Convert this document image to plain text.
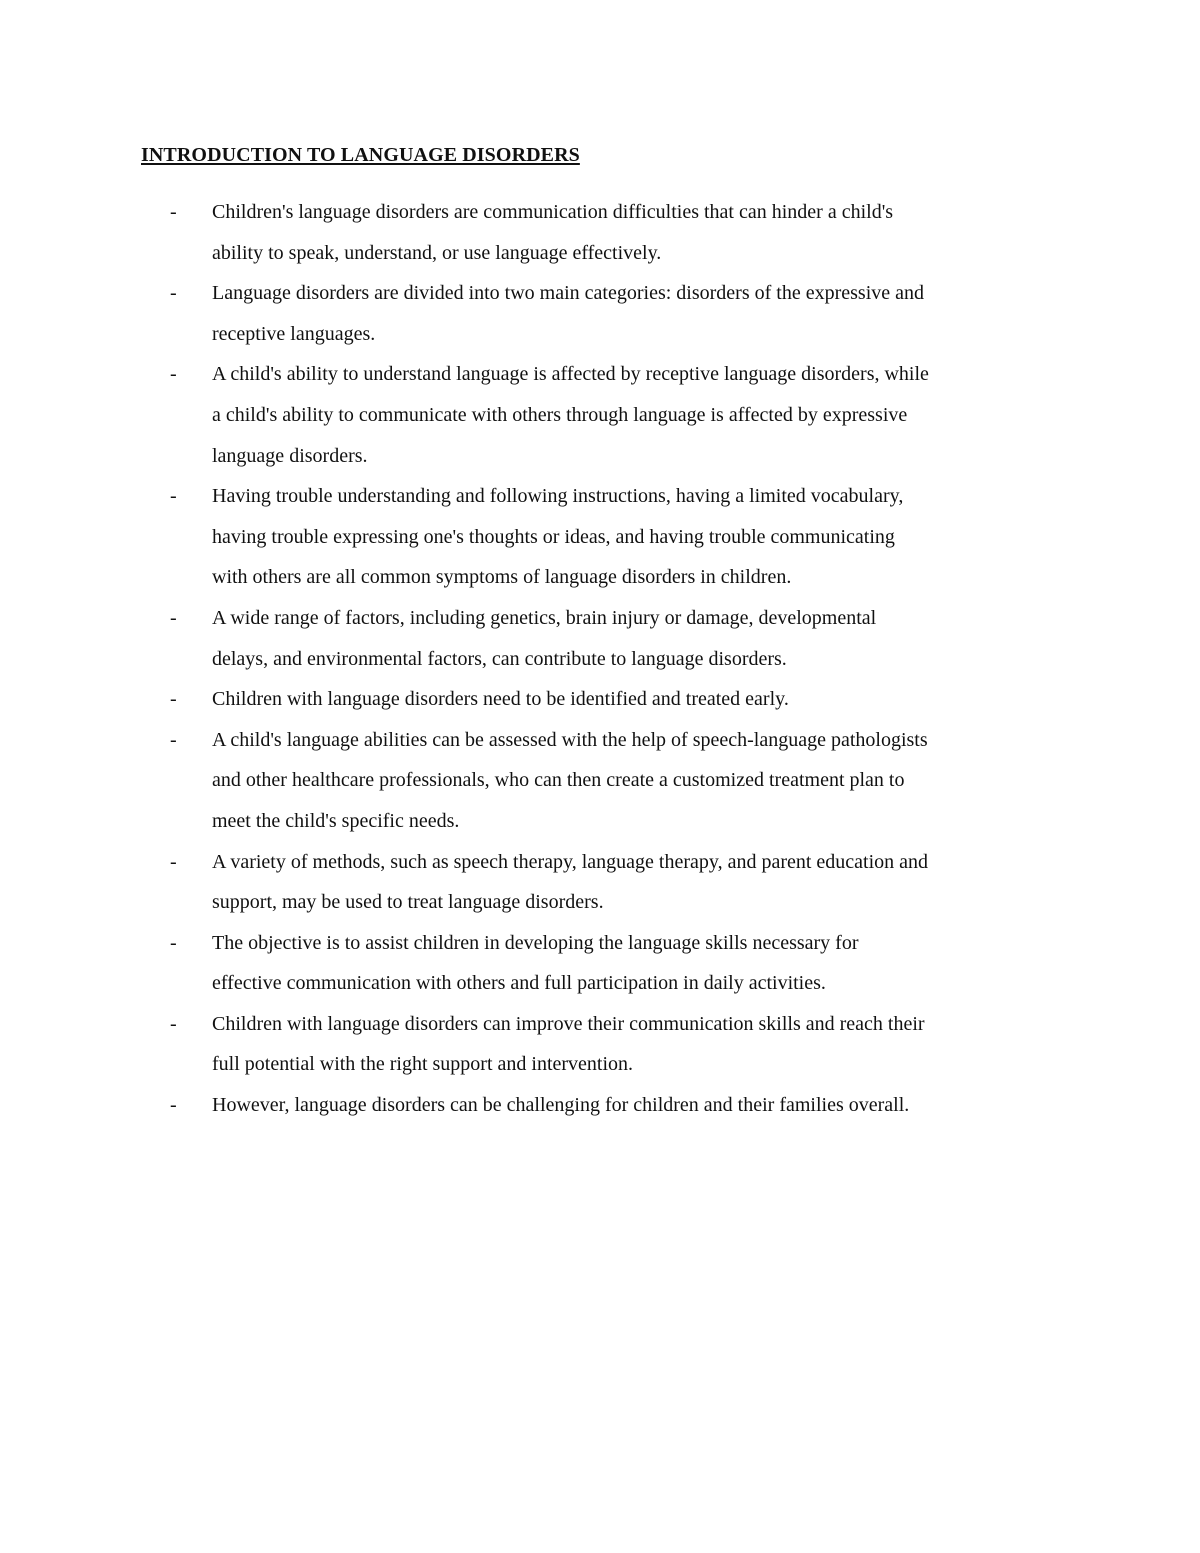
INTRODUCTION TO LANGUAGE DISORDERS
-	Children's language disorders are communication difficulties that can hinder a child's
ability to speak, understand, or use language effectively.
-	Language disorders are divided into two main categories: disorders of the expressive and
receptive languages.
-	A child's ability to understand language is affected by receptive language disorders, while
a child's ability to communicate with others through language is affected by expressive
language disorders.
-	Having trouble understanding and following instructions, having a limited vocabulary,
having trouble expressing one's thoughts or ideas, and having trouble communicating
with others are all common symptoms of language disorders in children.
-	A wide range of factors, including genetics, brain injury or damage, developmental
delays, and environmental factors, can contribute to language disorders.
-	Children with language disorders need to be identified and treated early.
-	A child's language abilities can be assessed with the help of speech-language pathologists
and other healthcare professionals, who can then create a customized treatment plan to
meet the child's specific needs.
-	A variety of methods, such as speech therapy, language therapy, and parent education and
support, may be used to treat language disorders.
-	The objective is to assist children in developing the language skills necessary for
effective communication with others and full participation in daily activities.
-	Children with language disorders can improve their communication skills and reach their
full potential with the right support and intervention.
-	However, language disorders can be challenging for children and their families overall.
